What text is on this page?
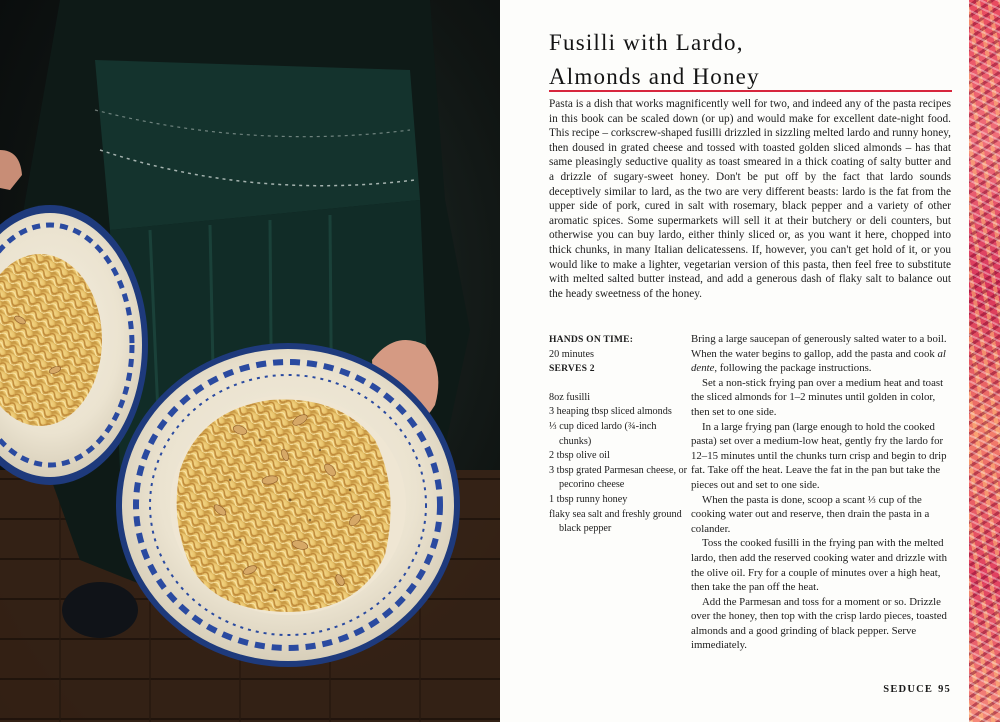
Fusilli with Lardo,
Almonds and Honey

Pasta is a dish that works magnificently well for two, and indeed any of the pasta recipes in this book can be scaled down (or up) and would make for excellent date-night food. This recipe – corkscrew-shaped fusilli drizzled in sizzling melted lardo and runny honey, then doused in grated cheese and tossed with toasted golden sliced almonds – has that same pleasingly seductive quality as toast smeared in a thick coating of salty butter and a drizzle of sugary-sweet honey. Don't be put off by the fact that lardo sounds deceptively similar to lard, as the two are very different beasts: lardo is the fat from the upper side of pork, cured in salt with rosemary, black pepper and a variety of other aromatic spices. Some supermarkets will sell it at their butchery or deli counters, but otherwise you can buy lardo, either thinly sliced or, as you want it here, chopped into thick chunks, in many Italian delicatessens. If, however, you can't get hold of it, or you would like to make a lighter, vegetarian version of this pasta, then feel free to substitute with melted salted butter instead, and add a generous dash of flaky salt to balance out the heady sweetness of the honey.

HANDS ON TIME:
20 minutes
SERVES 2
8oz fusilli
3 heaping tbsp sliced almonds
⅓ cup diced lardo (¾-inch chunks)
2 tbsp olive oil
3 tbsp grated Parmesan cheese, or pecorino cheese
1 tbsp runny honey
flaky sea salt and freshly ground black pepper

Bring a large saucepan of generously salted water to a boil. When the water begins to gallop, add the pasta and cook al dente, following the package instructions.

Set a non-stick frying pan over a medium heat and toast the sliced almonds for 1–2 minutes until golden in color, then set to one side.

In a large frying pan (large enough to hold the cooked pasta) set over a medium-low heat, gently fry the lardo for 12–15 minutes until the chunks turn crisp and begin to drip fat. Take off the heat. Leave the fat in the pan but take the pieces out and set to one side.

When the pasta is done, scoop a scant ⅓ cup of the cooking water out and reserve, then drain the pasta in a colander.

Toss the cooked fusilli in the frying pan with the melted lardo, then add the reserved cooking water and drizzle with the olive oil. Fry for a couple of minutes over a high heat, then take the pan off the heat.

Add the Parmesan and toss for a moment or so. Drizzle over the honey, then top with the crisp lardo pieces, toasted almonds and a good grinding of black pepper. Serve immediately.

SEDUCE 95
